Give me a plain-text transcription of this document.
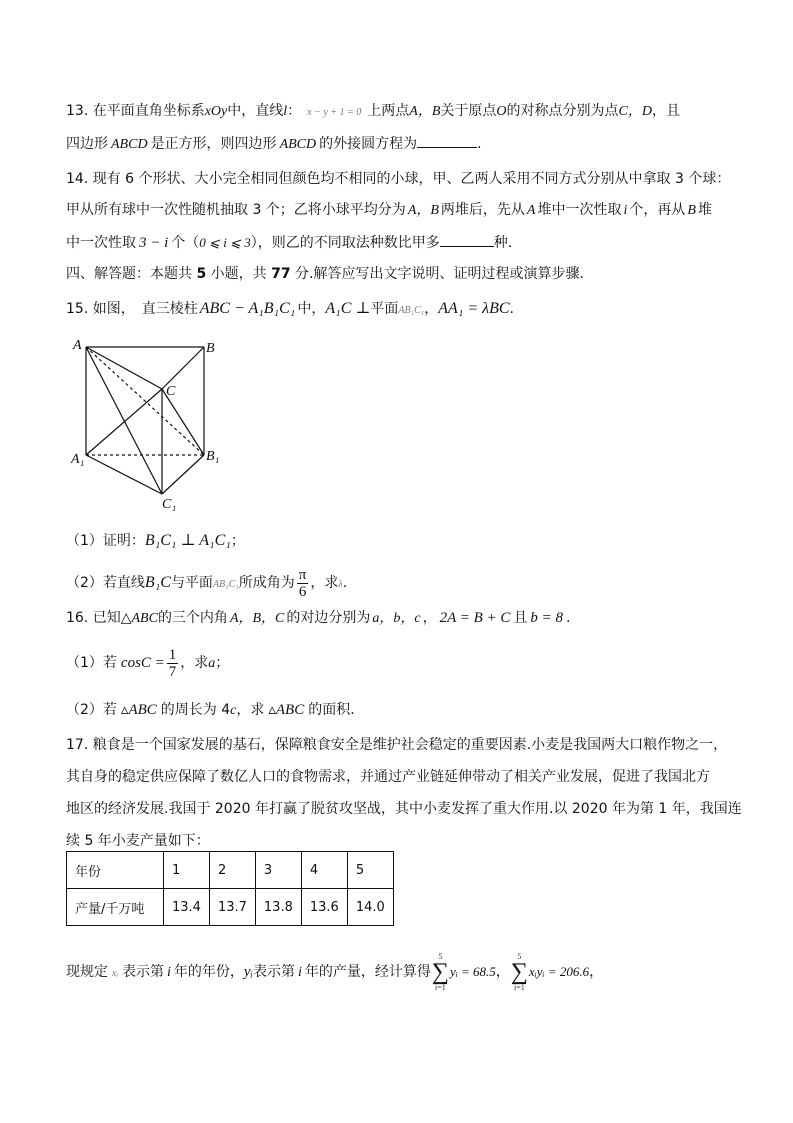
13. 在平面直角坐标系xOy中，直线l： x − y + 1 = 0 上两点A，B关于原点O的对称点分别为点C，D，且
四边形 ABCD 是正方形，则四边形 ABCD 的外接圆方程为	.
14. 现有 6 个形状、大小完全相同但颜色均不相同的小球，甲、乙两人采用不同方式分别从中拿取 3 个球：
甲从所有球中一次性随机抽取 3 个；乙将小球平均分为 A，B 两堆后，先从 A 堆中一次性取 i 个，再从 B 堆
中一次性取 3 − i 个（0 ⩽ i ⩽ 3），则乙的不同取法种数比甲多	种.
四、解答题：本题共 5 小题，共 77 分.解答应写出文字说明、证明过程或演算步骤.
15. 如图，　直三棱柱 ABC − A₁B₁C₁ 中，A₁C ⊥平面AB₁C₁，AA₁ = λBC.
A	B
C
A₁	B₁
C₁
（1）证明：B₁C₁ ⊥ A₁C₁；
（2）若直线B₁C与平面AB₁C₁所成角为 $\frac{\pi}{6}$ ，求λ.
16. 已知△ABC的三个内角 A，B，C 的对边分别为 a，b，c ， 2A = B + C 且 b = 8 .
（1）若 $\cos C = \frac{1}{7}$ ，求a；
（2）若 ▵ABC 的周长为 4c，求 ▵ABC 的面积.
17. 粮食是一个国家发展的基石，保障粮食安全是维护社会稳定的重要因素.小麦是我国两大口粮作物之一，
其自身的稳定供应保障了数亿人口的食物需求，并通过产业链延伸带动了相关产业发展，促进了我国北方
地区的经济发展.我国于 2020 年打赢了脱贫攻坚战，其中小麦发挥了重大作用.以 2020 年为第 1 年，我国连
续 5 年小麦产量如下：
年份	1	2	3	4	5
产量/千万吨	13.4	13.7	13.8	13.6	14.0
现规定 xᵢ 表示第 i 年的年份，yᵢ表示第 i 年的产量，经计算得
5
∑
i=1
yᵢ = 68.5，
5
∑
i=1
xᵢyᵢ = 206.6，
